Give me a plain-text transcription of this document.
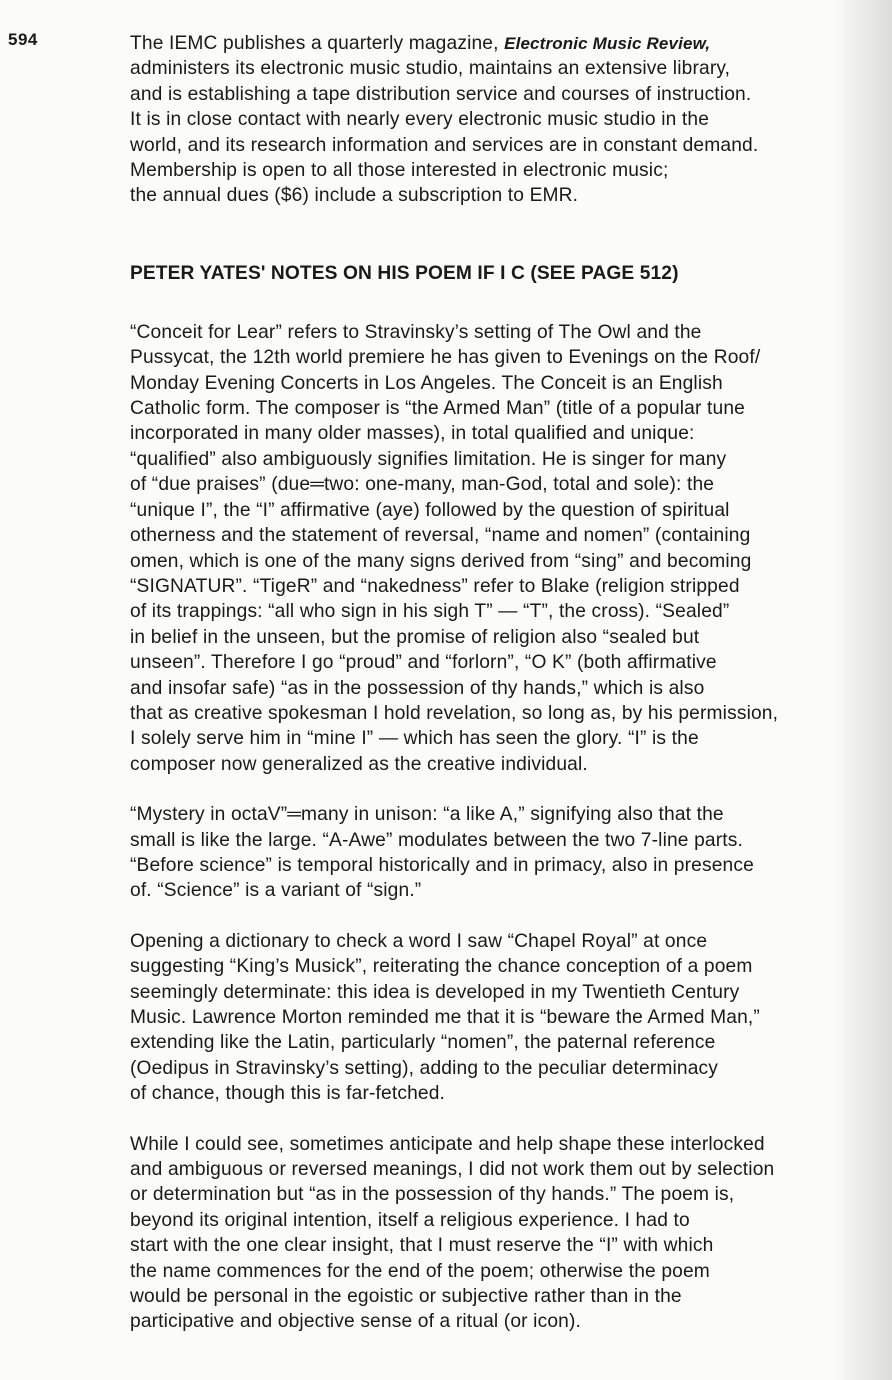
594	The IEMC publishes a quarterly magazine, Electronic Music Review,
administers its electronic music studio, maintains an extensive library,
and is establishing a tape distribution service and courses of instruction.
It is in close contact with nearly every electronic music studio in the
world, and its research information and services are in constant demand.
Membership is open to all those interested in electronic music;
the annual dues ($6) include a subscription to EMR.

PETER YATES' NOTES ON HIS POEM IF I C (SEE PAGE 512)

“Conceit for Lear” refers to Stravinsky’s setting of The Owl and the
Pussycat, the 12th world premiere he has given to Evenings on the Roof/
Monday Evening Concerts in Los Angeles. The Conceit is an English
Catholic form. The composer is “the Armed Man” (title of a popular tune
incorporated in many older masses), in total qualified and unique:
“qualified” also ambiguously signifies limitation. He is singer for many
of “due praises” (due═two: one-many, man-God, total and sole): the
“unique I”, the “I” affirmative (aye) followed by the question of spiritual
otherness and the statement of reversal, “name and nomen” (containing
omen, which is one of the many signs derived from “sing” and becoming
“SIGNATUR”. “TigeR” and “nakedness” refer to Blake (religion stripped
of its trappings: “all who sign in his sigh T” — “T”, the cross). “Sealed”
in belief in the unseen, but the promise of religion also “sealed but
unseen”. Therefore I go “proud” and “forlorn”, “O K” (both affirmative
and insofar safe) “as in the possession of thy hands,” which is also
that as creative spokesman I hold revelation, so long as, by his permission,
I solely serve him in “mine I” — which has seen the glory. “I” is the
composer now generalized as the creative individual.

“Mystery in octaV”═many in unison: “a like A,” signifying also that the
small is like the large. “A-Awe” modulates between the two 7-line parts.
“Before science” is temporal historically and in primacy, also in presence
of. “Science” is a variant of “sign.”

Opening a dictionary to check a word I saw “Chapel Royal” at once
suggesting “King’s Musick”, reiterating the chance conception of a poem
seemingly determinate: this idea is developed in my Twentieth Century
Music. Lawrence Morton reminded me that it is “beware the Armed Man,”
extending like the Latin, particularly “nomen”, the paternal reference
(Oedipus in Stravinsky’s setting), adding to the peculiar determinacy
of chance, though this is far-fetched.

While I could see, sometimes anticipate and help shape these interlocked
and ambiguous or reversed meanings, I did not work them out by selection
or determination but “as in the possession of thy hands.” The poem is,
beyond its original intention, itself a religious experience. I had to
start with the one clear insight, that I must reserve the “I” with which
the name commences for the end of the poem; otherwise the poem
would be personal in the egoistic or subjective rather than in the
participative and objective sense of a ritual (or icon).
